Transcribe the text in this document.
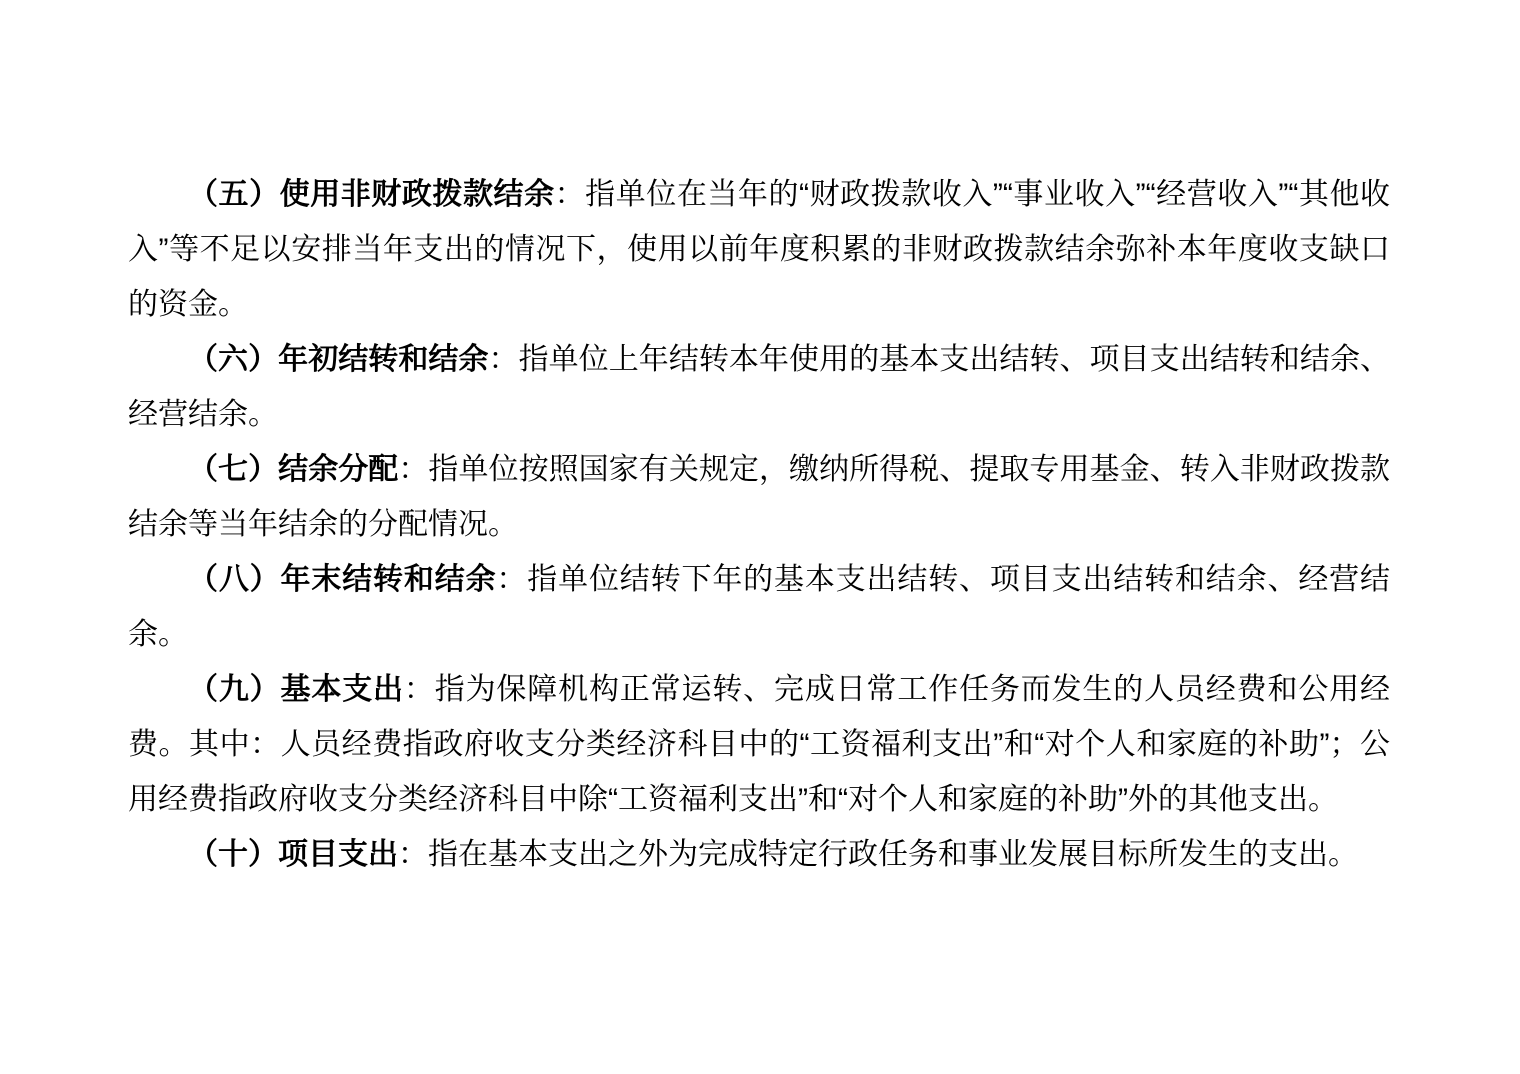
（五）使用非财政拨款结余：指单位在当年的“财政拨款收入”“事业收入”“经营收入”“其他收入”等不足以安排当年支出的情况下，使用以前年度积累的非财政拨款结余弥补本年度收支缺口的资金。

（六）年初结转和结余：指单位上年结转本年使用的基本支出结转、项目支出结转和结余、经营结余。

（七）结余分配：指单位按照国家有关规定，缴纳所得税、提取专用基金、转入非财政拨款结余等当年结余的分配情况。

（八）年末结转和结余：指单位结转下年的基本支出结转、项目支出结转和结余、经营结余。

（九）基本支出：指为保障机构正常运转、完成日常工作任务而发生的人员经费和公用经费。其中：人员经费指政府收支分类经济科目中的“工资福利支出”和“对个人和家庭的补助”；公用经费指政府收支分类经济科目中除“工资福利支出”和“对个人和家庭的补助”外的其他支出。

（十）项目支出：指在基本支出之外为完成特定行政任务和事业发展目标所发生的支出。
